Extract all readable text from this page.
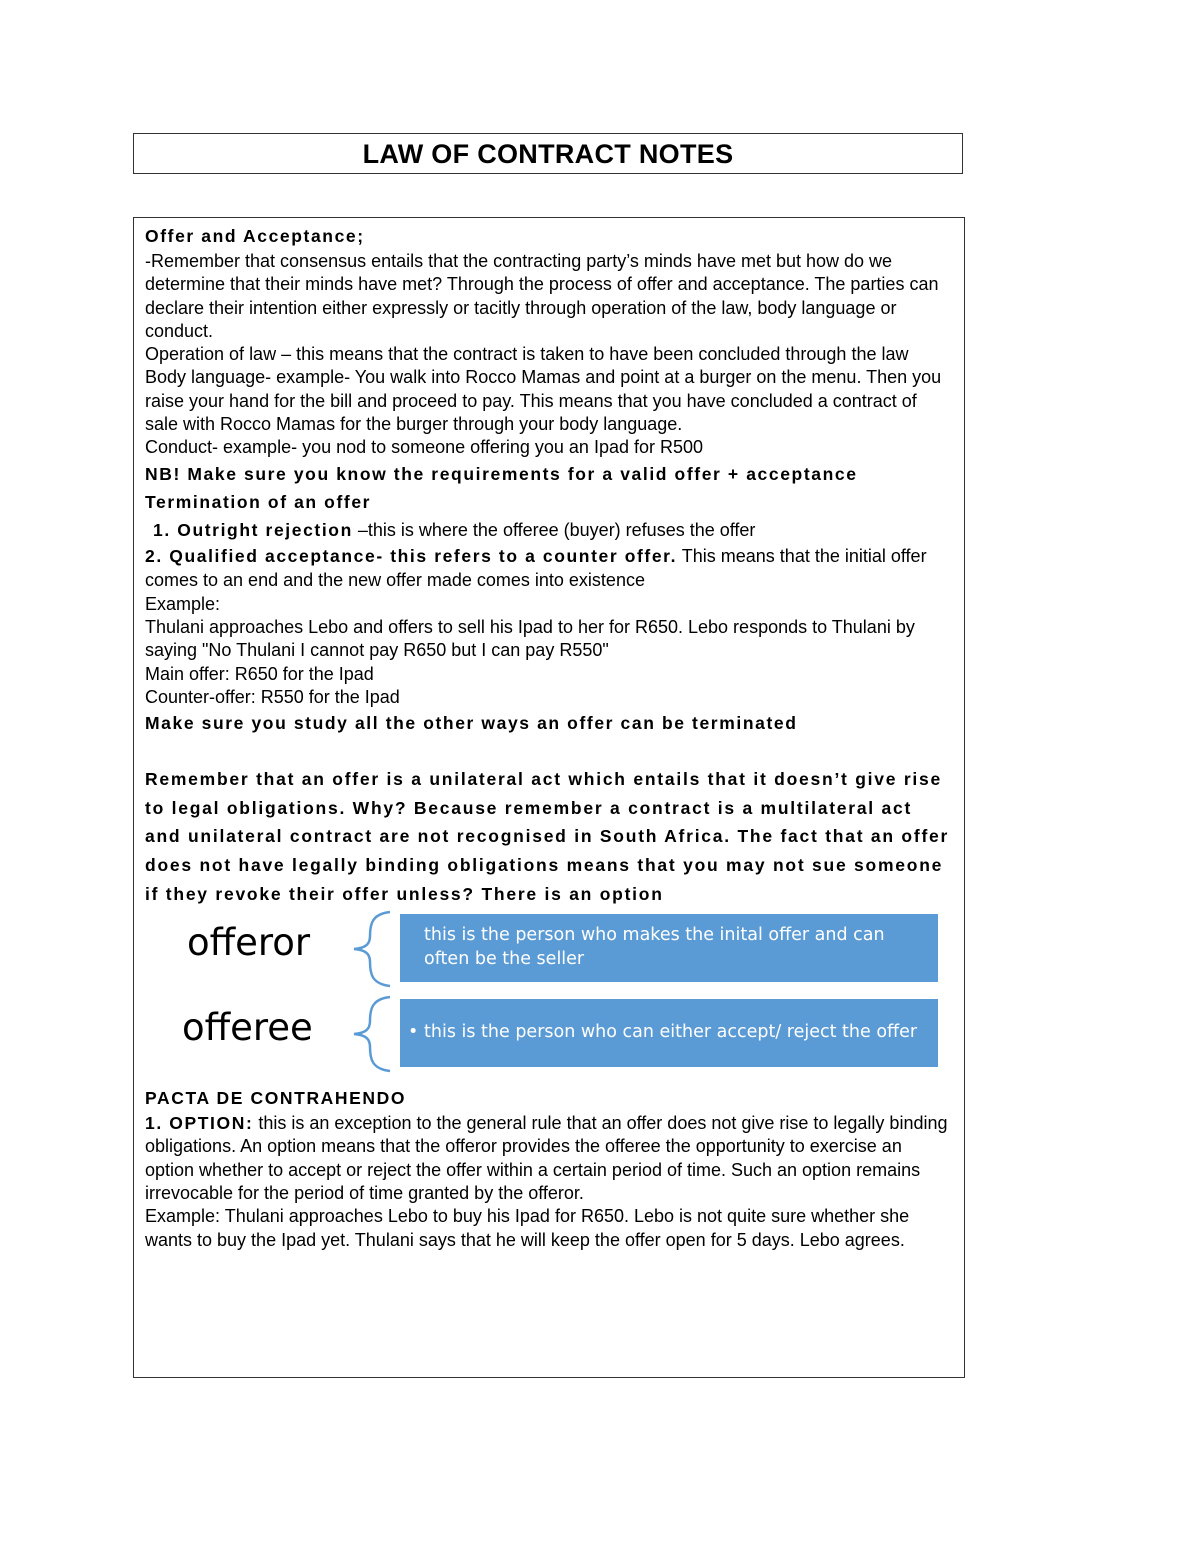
LAW OF CONTRACT NOTES

Offer and Acceptance;

-Remember that consensus entails that the contracting party’s minds have met but how do we determine that their minds have met? Through the process of offer and acceptance. The parties can declare their intention either expressly or tacitly through operation of the law, body language or conduct.

Operation of law – this means that the contract is taken to have been concluded through the law

Body language- example- You walk into Rocco Mamas and point at a burger on the menu. Then you raise your hand for the bill and proceed to pay. This means that you have concluded a contract of sale with Rocco Mamas for the burger through your body language.

Conduct- example- you nod to someone offering you an Ipad for R500

NB! Make sure you know the requirements for a valid offer + acceptance

Termination of an offer

1. Outright rejection –this is where the offeree (buyer) refuses the offer

2. Qualified acceptance- this refers to a counter offer. This means that the initial offer comes to an end and the new offer made comes into existence

Example:

Thulani approaches Lebo and offers to sell his Ipad to her for R650. Lebo responds to Thulani by saying "No Thulani I cannot pay R650 but I can pay R550"

Main offer: R650 for the Ipad

Counter-offer: R550 for the Ipad

Make sure you study all the other ways an offer can be terminated

Remember that an offer is a unilateral act which entails that it doesn’t give rise to legal obligations. Why? Because remember a contract is a multilateral act and unilateral contract are not recognised in South Africa. The fact that an offer does not have legally binding obligations means that you may not sue someone if they revoke their offer unless? There is an option

offeror	• this is the person who makes the inital offer and can often be the seller
offeree	• this is the person who can either accept/ reject the offer

PACTA DE CONTRAHENDO

1. OPTION: this is an exception to the general rule that an offer does not give rise to legally binding obligations. An option means that the offeror provides the offeree the opportunity to exercise an option whether to accept or reject the offer within a certain period of time. Such an option remains irrevocable for the period of time granted by the offeror.

Example: Thulani approaches Lebo to buy his Ipad for R650. Lebo is not quite sure whether she wants to buy the Ipad yet. Thulani says that he will keep the offer open for 5 days. Lebo agrees.
